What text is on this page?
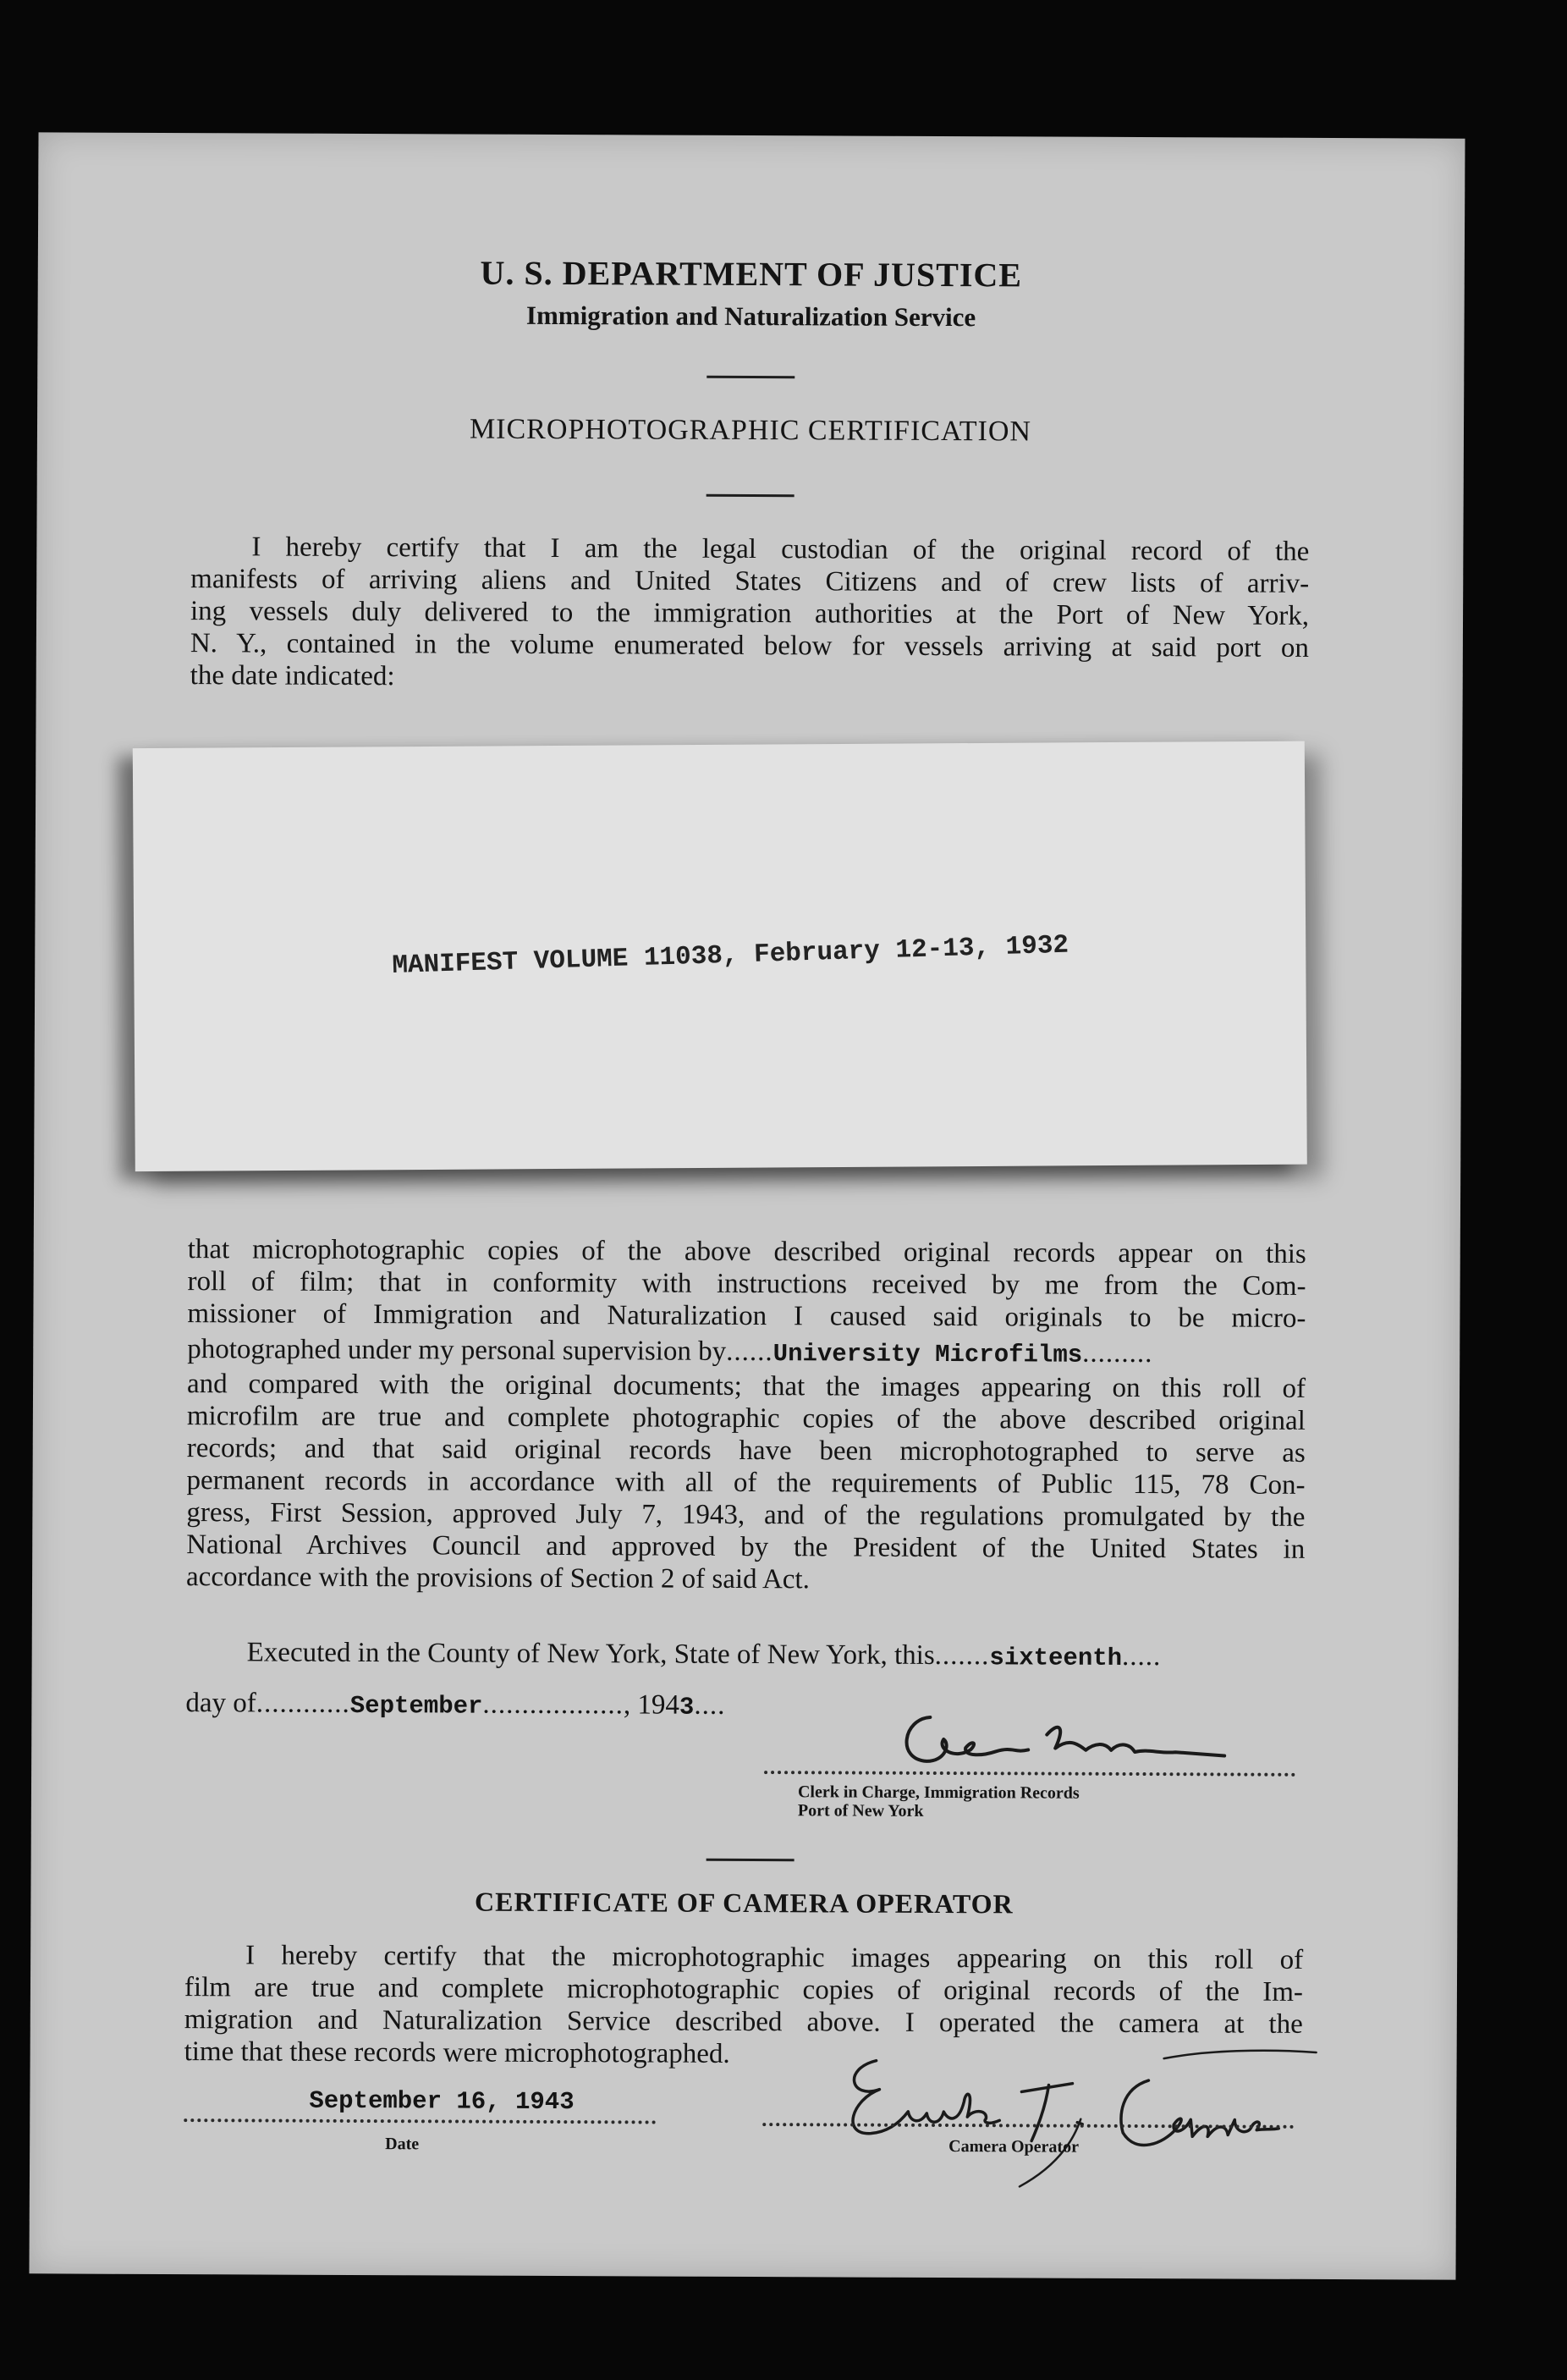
U. S. DEPARTMENT OF JUSTICE
Immigration and Naturalization Service
MICROPHOTOGRAPHIC CERTIFICATION
I hereby certify that I am the legal custodian of the original record of the
manifests of arriving aliens and United States Citizens and of crew lists of arriv-
ing vessels duly delivered to the immigration authorities at the Port of New York,
N. Y., contained in the volume enumerated below for vessels arriving at said port on
the date indicated:
MANIFEST VOLUME 11038, February 12-13, 1932
that microphotographic copies of the above described original records appear on this
roll of film; that in conformity with instructions received by me from the Com-
missioner of Immigration and Naturalization I caused said originals to be micro-
photographed under my personal supervision by......University Microfilms.........
and compared with the original documents; that the images appearing on this roll of
microfilm are true and complete photographic copies of the above described original
records; and that said original records have been microphotographed to serve as
permanent records in accordance with all of the requirements of Public 115, 78 Con-
gress, First Session, approved July 7, 1943, and of the regulations promulgated by the
National Archives Council and approved by the President of the United States in
accordance with the provisions of Section 2 of said Act.
Executed in the County of New York, State of New York, this.......sixteenth.....
day of............September.................., 1943....
Clerk in Charge, Immigration Records
Port of New York
CERTIFICATE OF CAMERA OPERATOR
I hereby certify that the microphotographic images appearing on this roll of
film are true and complete microphotographic copies of original records of the Im-
migration and Naturalization Service described above. I operated the camera at the
time that these records were microphotographed.
September 16, 1943
Date	Camera Operator
